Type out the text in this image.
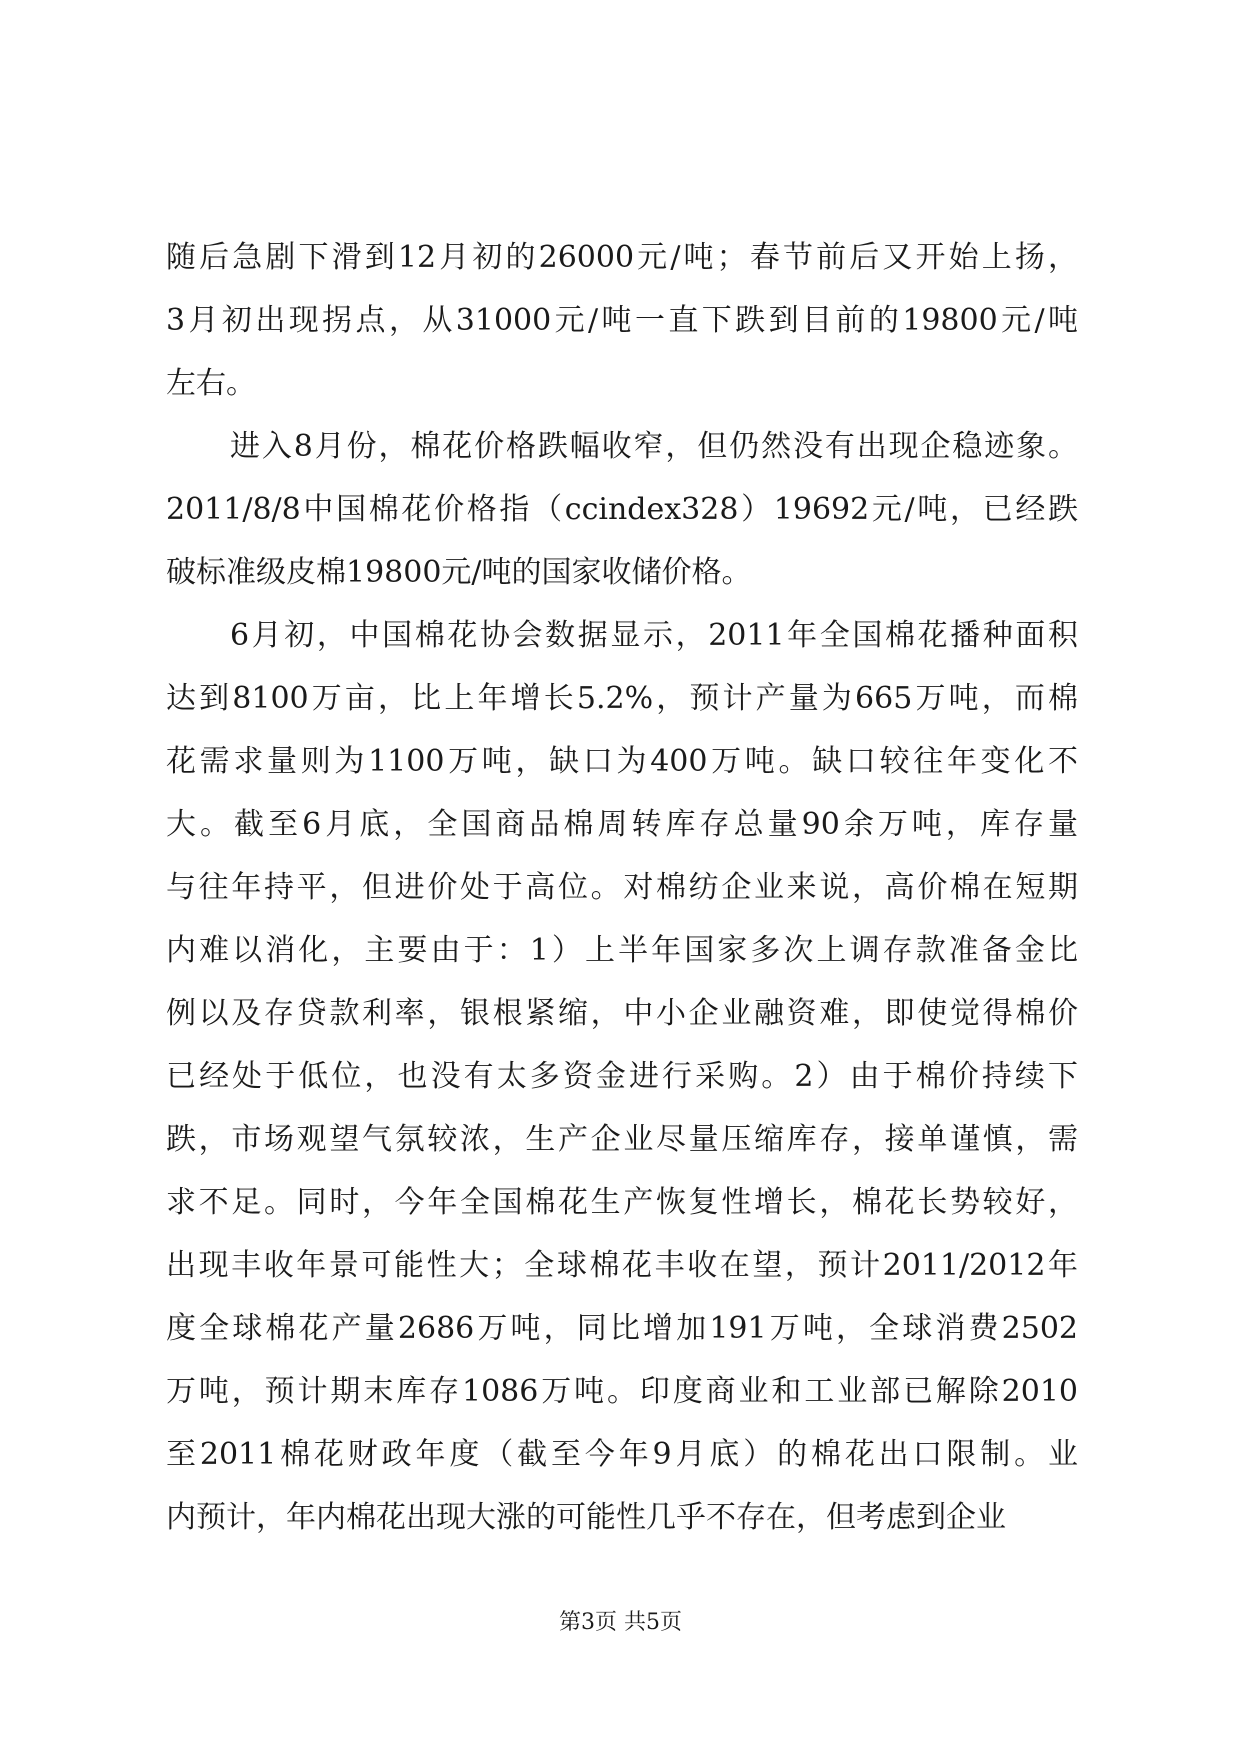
随后急剧下滑到12月初的26000元/吨；春节前后又开始上扬，
3月初出现拐点，从31000元/吨一直下跌到目前的19800元/吨
左右。
进入8月份，棉花价格跌幅收窄，但仍然没有出现企稳迹象。
2011/8/8中国棉花价格指（ccindex328）19692元/吨，已经跌
破标准级皮棉19800元/吨的国家收储价格。
6月初，中国棉花协会数据显示，2011年全国棉花播种面积
达到8100万亩，比上年增长5.2%，预计产量为665万吨，而棉
花需求量则为1100万吨，缺口为400万吨。缺口较往年变化不
大。截至6月底，全国商品棉周转库存总量90余万吨，库存量
与往年持平，但进价处于高位。对棉纺企业来说，高价棉在短期
内难以消化，主要由于：1）上半年国家多次上调存款准备金比
例以及存贷款利率，银根紧缩，中小企业融资难，即使觉得棉价
已经处于低位，也没有太多资金进行采购。2）由于棉价持续下
跌，市场观望气氛较浓，生产企业尽量压缩库存，接单谨慎，需
求不足。同时，今年全国棉花生产恢复性增长，棉花长势较好，
出现丰收年景可能性大；全球棉花丰收在望，预计2011/2012年
度全球棉花产量2686万吨，同比增加191万吨，全球消费2502
万吨，预计期末库存1086万吨。印度商业和工业部已解除2010
至2011棉花财政年度（截至今年9月底）的棉花出口限制。业
内预计，年内棉花出现大涨的可能性几乎不存在，但考虑到企业
第3页 共5页
